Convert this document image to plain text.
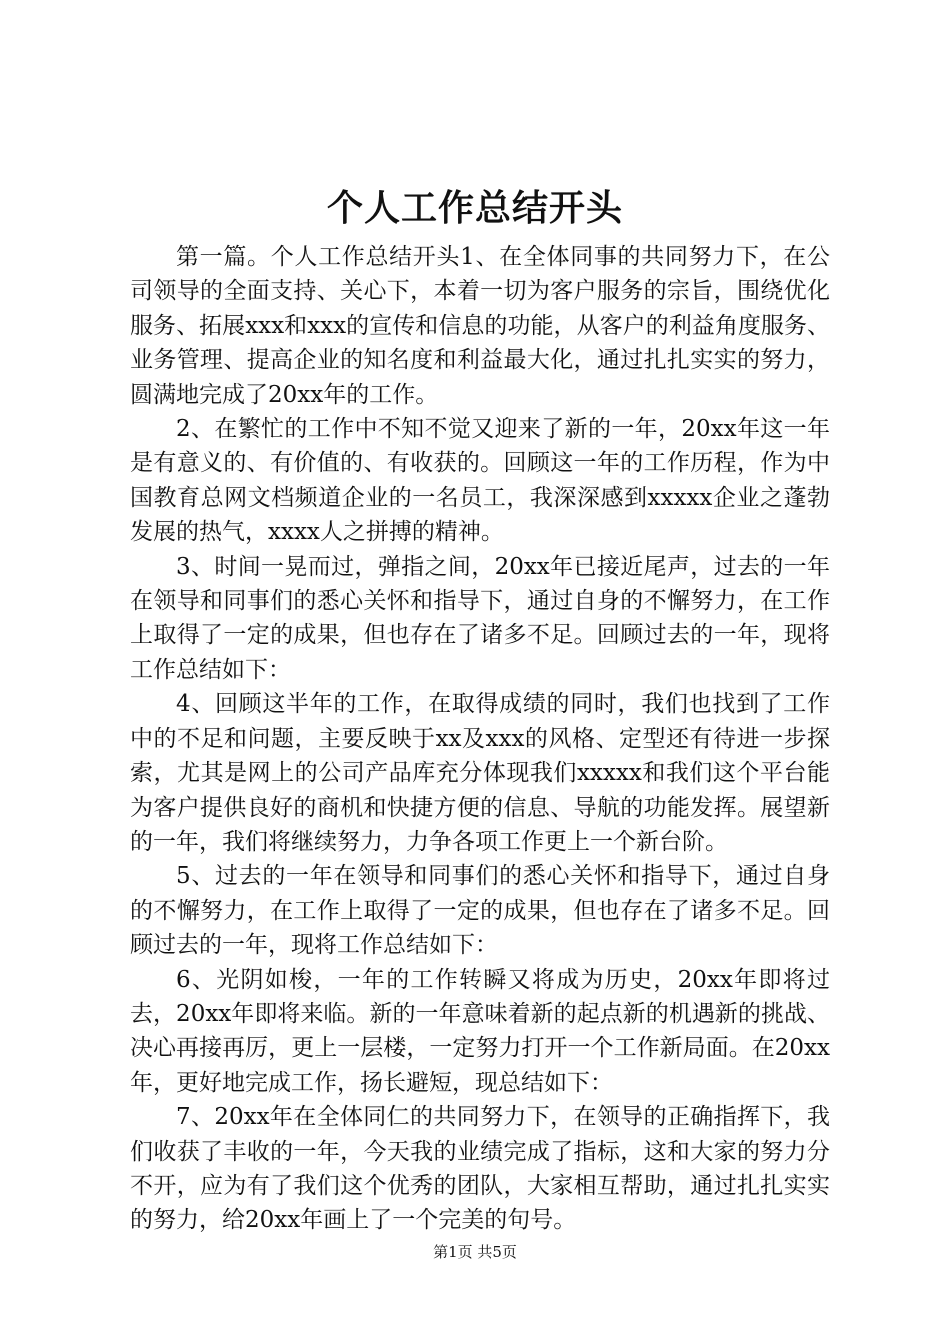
个人工作总结开头

第一篇。个人工作总结开头1、在全体同事的共同努力下，在公司领导的全面支持、关心下，本着一切为客户服务的宗旨，围绕优化服务、拓展xxx和xxx的宣传和信息的功能，从客户的利益角度服务、业务管理、提高企业的知名度和利益最大化，通过扎扎实实的努力，圆满地完成了20xx年的工作。

2、在繁忙的工作中不知不觉又迎来了新的一年，20xx年这一年是有意义的、有价值的、有收获的。回顾这一年的工作历程，作为中国教育总网文档频道企业的一名员工，我深深感到xxxxx企业之蓬勃发展的热气，xxxx人之拼搏的精神。

3、时间一晃而过，弹指之间，20xx年已接近尾声，过去的一年在领导和同事们的悉心关怀和指导下，通过自身的不懈努力，在工作上取得了一定的成果，但也存在了诸多不足。回顾过去的一年，现将工作总结如下：

4、回顾这半年的工作，在取得成绩的同时，我们也找到了工作中的不足和问题，主要反映于xx及xxx的风格、定型还有待进一步探索，尤其是网上的公司产品库充分体现我们xxxxx和我们这个平台能为客户提供良好的商机和快捷方便的信息、导航的功能发挥。展望新的一年，我们将继续努力，力争各项工作更上一个新台阶。

5、过去的一年在领导和同事们的悉心关怀和指导下，通过自身的不懈努力，在工作上取得了一定的成果，但也存在了诸多不足。回顾过去的一年，现将工作总结如下：

6、光阴如梭，一年的工作转瞬又将成为历史，20xx年即将过去，20xx年即将来临。新的一年意味着新的起点新的机遇新的挑战、决心再接再厉，更上一层楼，一定努力打开一个工作新局面。在20xx年，更好地完成工作，扬长避短，现总结如下：

7、20xx年在全体同仁的共同努力下，在领导的正确指挥下，我们收获了丰收的一年，今天我的业绩完成了指标，这和大家的努力分不开，应为有了我们这个优秀的团队，大家相互帮助，通过扎扎实实的努力，给20xx年画上了一个完美的句号。

第1页 共5页
